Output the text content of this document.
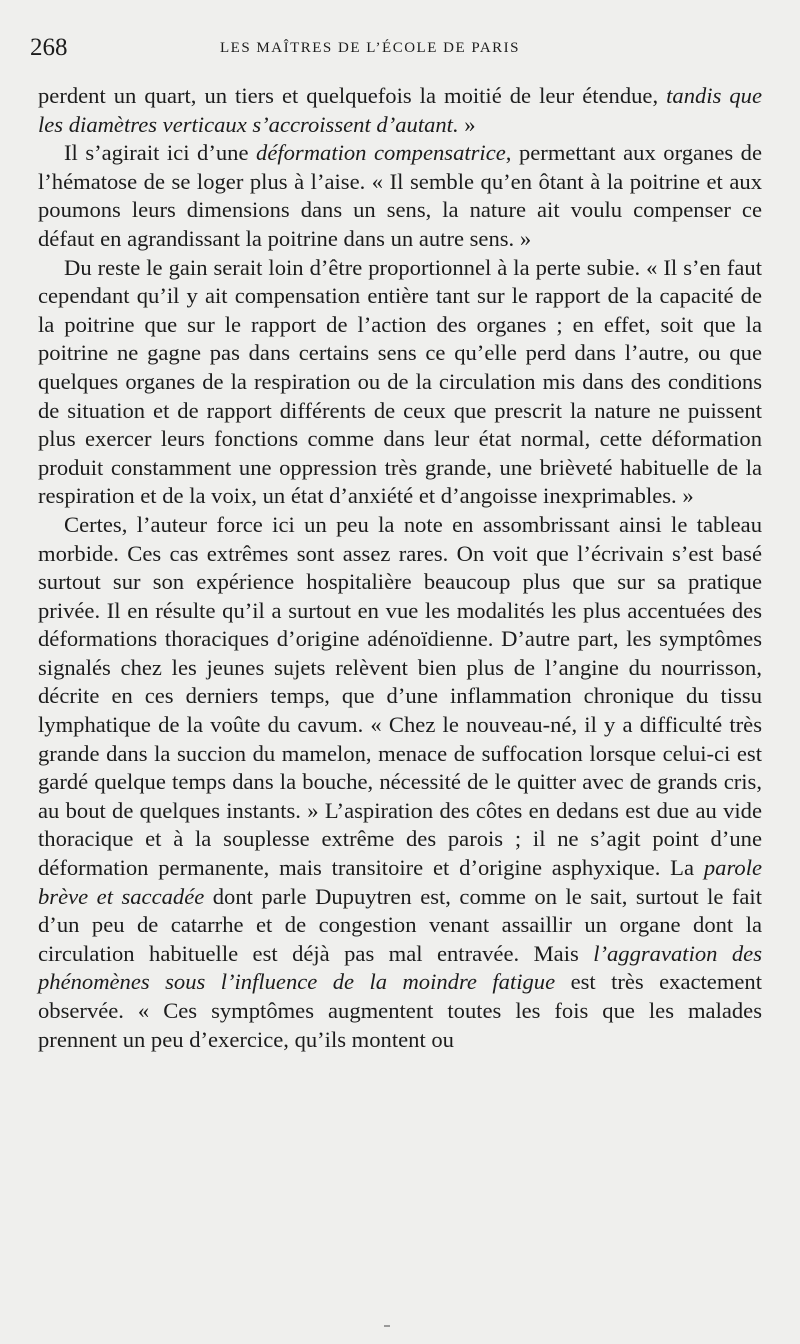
268	LES MAÎTRES DE L’ÉCOLE DE PARIS

perdent un quart, un tiers et quelquefois la moitié de leur étendue, tandis que les diamètres verticaux s’accroissent d’autant. »

Il s’agirait ici d’une déformation compensatrice, permettant aux organes de l’hématose de se loger plus à l’aise. « Il semble qu’en ôtant à la poitrine et aux poumons leurs dimensions dans un sens, la nature ait voulu compenser ce défaut en agrandissant la poitrine dans un autre sens. »

Du reste le gain serait loin d’être proportionnel à la perte subie. « Il s’en faut cependant qu’il y ait compensation entière tant sur le rapport de la capacité de la poitrine que sur le rapport de l’action des organes ; en effet, soit que la poitrine ne gagne pas dans certains sens ce qu’elle perd dans l’autre, ou que quelques organes de la respiration ou de la circulation mis dans des conditions de situation et de rapport différents de ceux que prescrit la nature ne puissent plus exercer leurs fonctions comme dans leur état normal, cette déformation produit constamment une oppression très grande, une brièveté habituelle de la respiration et de la voix, un état d’anxiété et d’angoisse inexprimables. »

Certes, l’auteur force ici un peu la note en assombrissant ainsi le tableau morbide. Ces cas extrêmes sont assez rares. On voit que l’écrivain s’est basé surtout sur son expérience hospitalière beaucoup plus que sur sa pratique privée. Il en résulte qu’il a surtout en vue les modalités les plus accentuées des déformations thoraciques d’origine adénoïdienne. D’autre part, les symptômes signalés chez les jeunes sujets relèvent bien plus de l’angine du nourrisson, décrite en ces derniers temps, que d’une inflammation chronique du tissu lymphatique de la voûte du cavum. « Chez le nouveau-né, il y a difficulté très grande dans la succion du mamelon, menace de suffocation lorsque celui-ci est gardé quelque temps dans la bouche, nécessité de le quitter avec de grands cris, au bout de quelques instants. » L’aspiration des côtes en dedans est due au vide thoracique et à la souplesse extrême des parois ; il ne s’agit point d’une déformation permanente, mais transitoire et d’origine asphyxique. La parole brève et saccadée dont parle Dupuytren est, comme on le sait, surtout le fait d’un peu de catarrhe et de congestion venant assaillir un organe dont la circulation habituelle est déjà pas mal entravée. Mais l’aggravation des phénomènes sous l’influence de la moindre fatigue est très exactement observée. « Ces symptômes augmentent toutes les fois que les malades prennent un peu d’exercice, qu’ils montent ou
